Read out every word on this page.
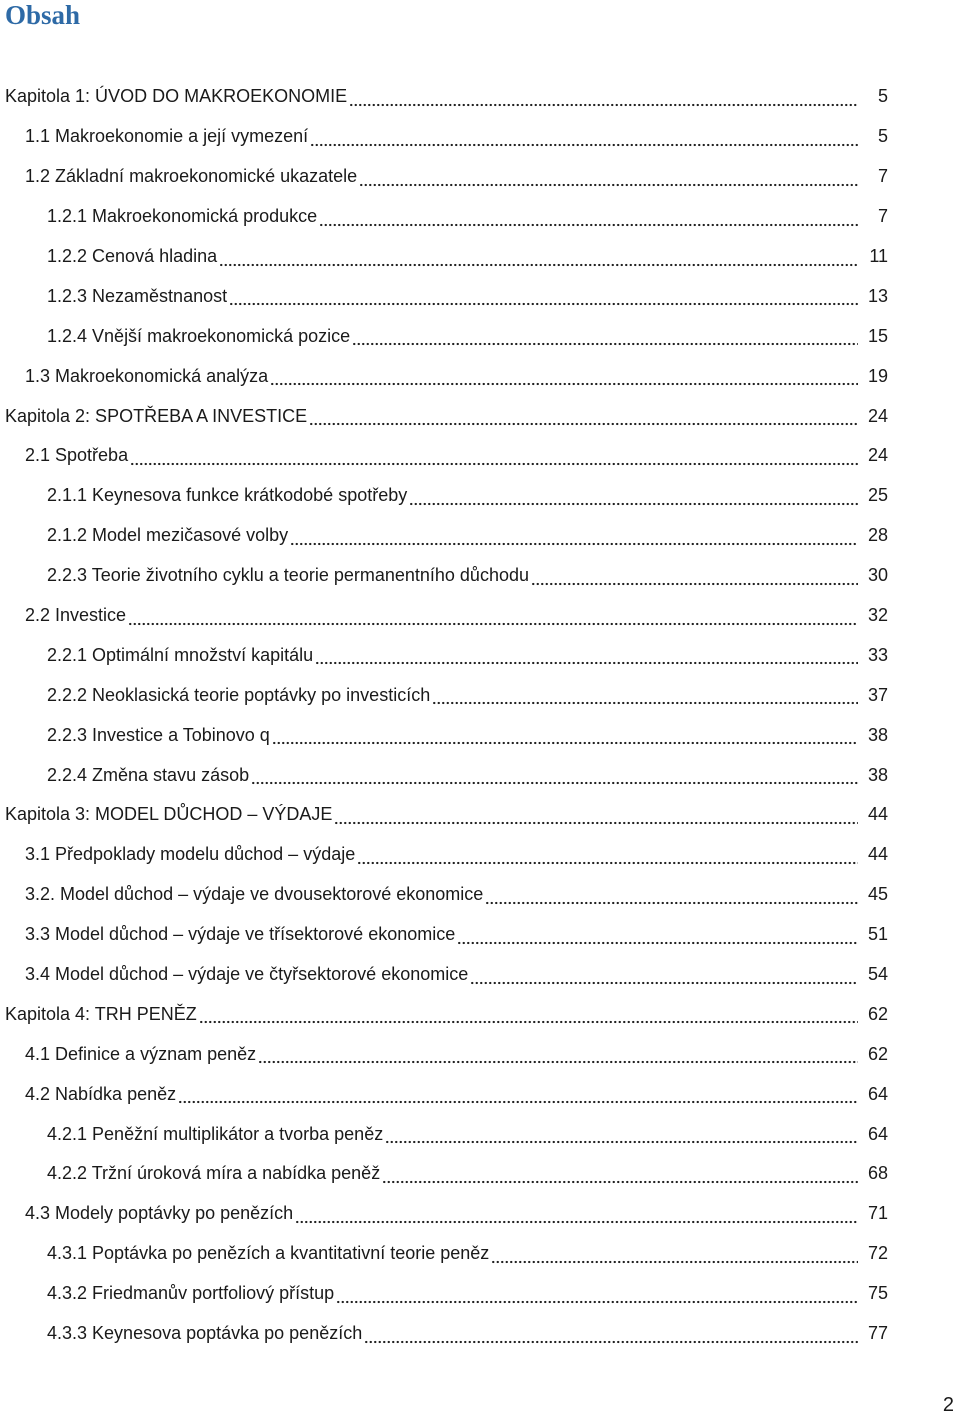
Obsah
Kapitola 1: ÚVOD DO MAKROEKONOMIE	5
1.1 Makroekonomie a její vymezení	5
1.2 Základní makroekonomické ukazatele	7
1.2.1 Makroekonomická produkce	7
1.2.2 Cenová hladina	11
1.2.3 Nezaměstnanost	13
1.2.4 Vnější makroekonomická pozice	15
1.3 Makroekonomická analýza	19
Kapitola 2: SPOTŘEBA A INVESTICE	24
2.1 Spotřeba	24
2.1.1 Keynesova funkce krátkodobé spotřeby	25
2.1.2 Model mezičasové volby	28
2.2.3 Teorie životního cyklu a teorie permanentního důchodu	30
2.2 Investice	32
2.2.1 Optimální množství kapitálu	33
2.2.2 Neoklasická teorie poptávky po investicích	37
2.2.3 Investice a Tobinovo q	38
2.2.4 Změna stavu zásob	38
Kapitola 3: MODEL DŮCHOD – VÝDAJE	44
3.1 Předpoklady modelu důchod – výdaje	44
3.2. Model důchod – výdaje ve dvousektorové ekonomice	45
3.3 Model důchod – výdaje ve třísektorové ekonomice	51
3.4 Model důchod – výdaje ve čtyřsektorové ekonomice	54
Kapitola 4: TRH PENĚZ	62
4.1 Definice a význam peněz	62
4.2 Nabídka peněz	64
4.2.1 Peněžní multiplikátor a tvorba peněz	64
4.2.2 Tržní úroková míra a nabídka peněž	68
4.3 Modely poptávky po penězích	71
4.3.1 Poptávka po penězích a kvantitativní teorie peněz	72
4.3.2 Friedmanův portfoliový přístup	75
4.3.3 Keynesova poptávka po penězích	77
2
